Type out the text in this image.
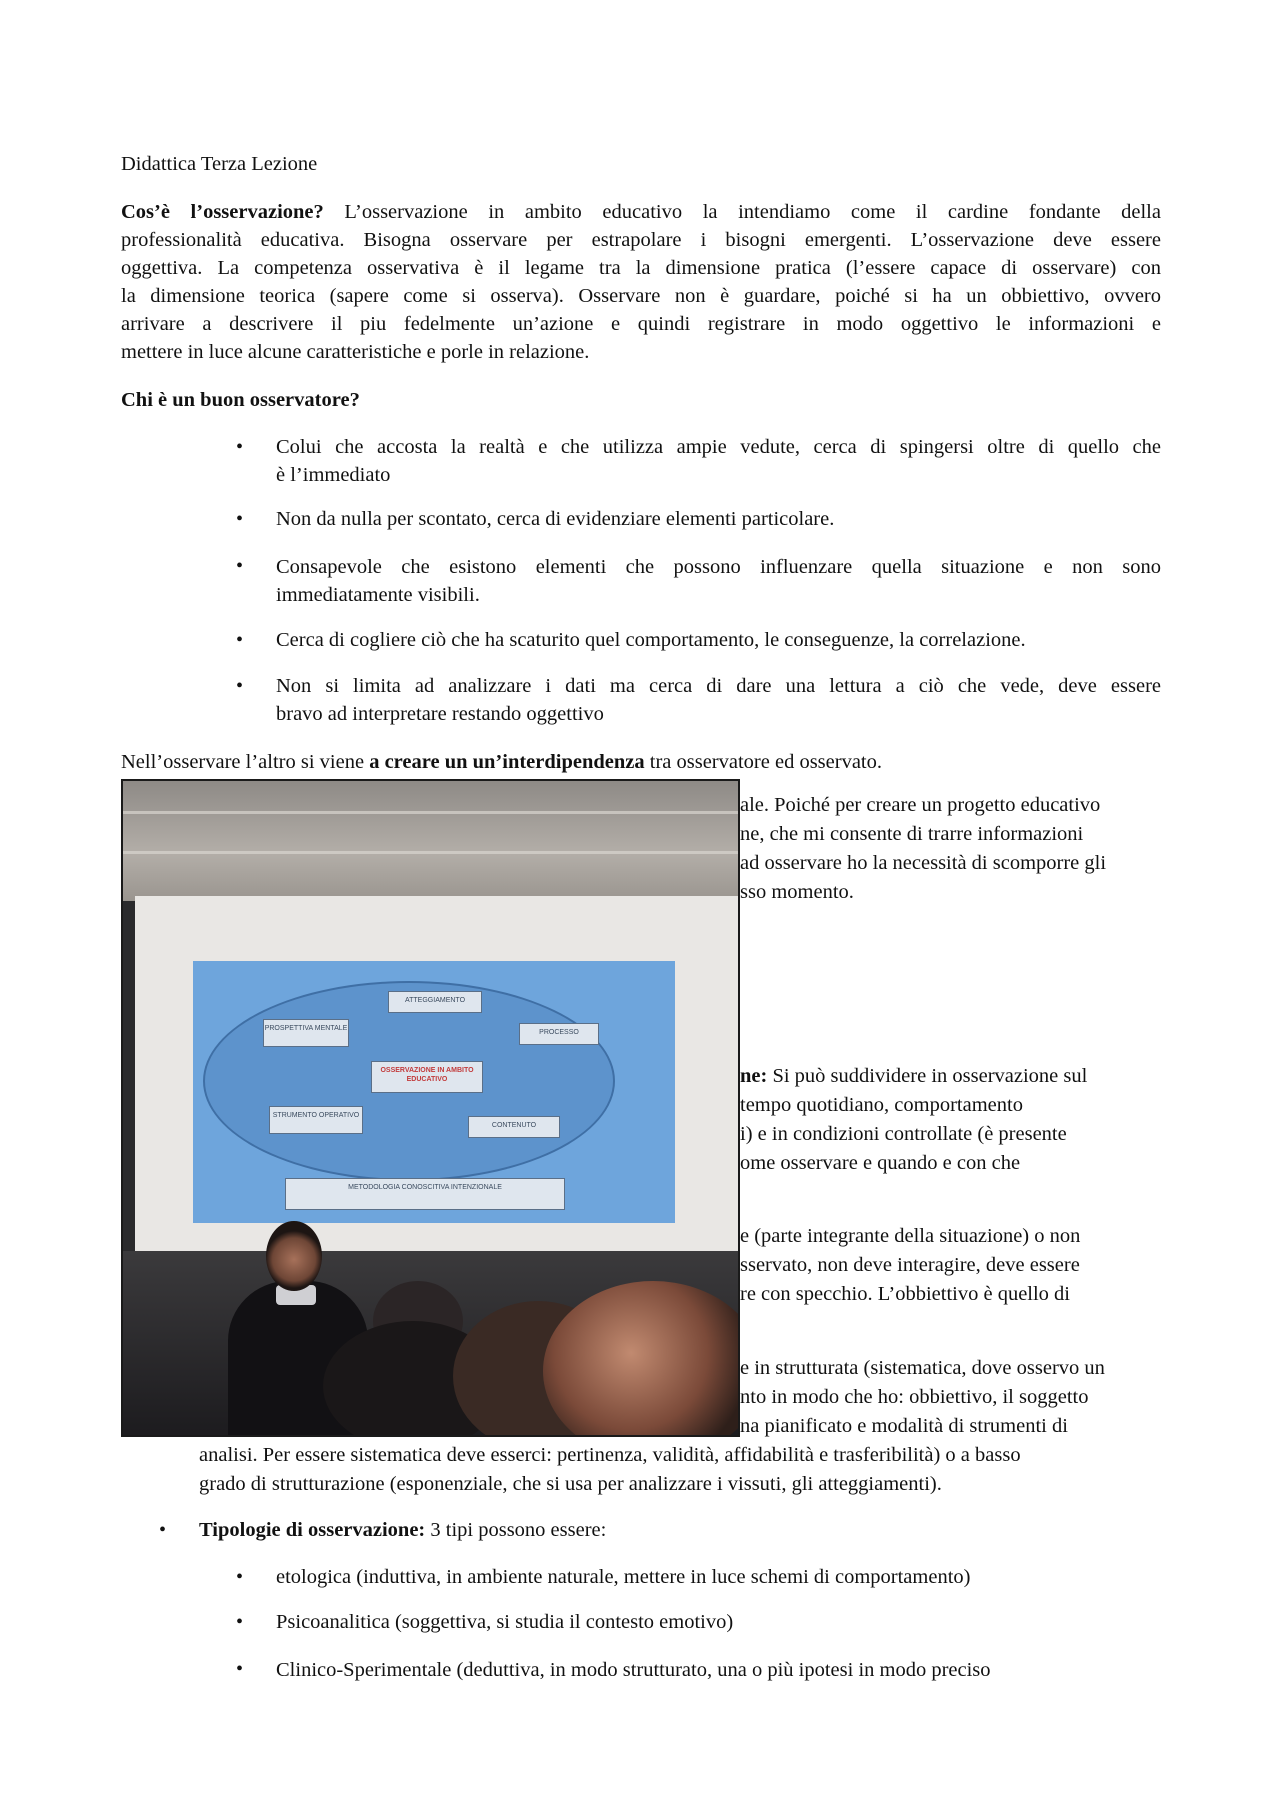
Didattica Terza Lezione
Cos’è l’osservazione? L’osservazione in ambito educativo la intendiamo come il cardine fondante della
professionalità educativa. Bisogna osservare per estrapolare i bisogni emergenti. L’osservazione deve essere
oggettiva. La competenza osservativa è il legame tra la dimensione pratica (l’essere capace di osservare) con
la dimensione teorica (sapere come si osserva). Osservare non è guardare, poiché si ha un obbiettivo, ovvero
arrivare a descrivere il piu fedelmente un’azione e quindi registrare in modo oggettivo le informazioni e
mettere in luce alcune caratteristiche e porle in relazione.
Chi è un buon osservatore?
• Colui che accosta la realtà e che utilizza ampie vedute, cerca di spingersi oltre di quello che
è l’immediato
• Non da nulla per scontato, cerca di evidenziare elementi particolare.
• Consapevole che esistono elementi che possono influenzare quella situazione e non sono
immediatamente visibili.
• Cerca di cogliere ciò che ha scaturito quel comportamento, le conseguenze, la correlazione.
• Non si limita ad analizzare i dati ma cerca di dare una lettura a ciò che vede, deve essere
bravo ad interpretare restando oggettivo
Nell’osservare l’altro si viene a creare un un’interdipendenza tra osservatore ed osservato.
ale. Poiché per creare un progetto educativo
ne, che mi consente di trarre informazioni
ad osservare ho la necessità di scomporre gli
sso momento.
ne: Si può suddividere in osservazione sul
tempo quotidiano, comportamento
i) e in condizioni controllate (è presente
ome osservare e quando e con che
e (parte integrante della situazione) o non
sservato, non deve interagire, deve essere
re con specchio. L’obbiettivo è quello di
e in strutturata (sistematica, dove osservo un
nto in modo che ho: obbiettivo, il soggetto
na pianificato e modalità di strumenti di
analisi. Per essere sistematica deve esserci: pertinenza, validità, affidabilità e trasferibilità) o a basso
grado di strutturazione (esponenziale, che si usa per analizzare i vissuti, gli atteggiamenti).
• Tipologie di osservazione: 3 tipi possono essere:
• etologica (induttiva, in ambiente naturale, mettere in luce schemi di comportamento)
• Psicoanalitica (soggettiva, si studia il contesto emotivo)
• Clinico-Sperimentale (deduttiva, in modo strutturato, una o più ipotesi in modo preciso
ATTEGGIAMENTO
PROSPETTIVA MENTALE
PROCESSO
OSSERVAZIONE IN AMBITO EDUCATIVO
STRUMENTO OPERATIVO
CONTENUTO
METODOLOGIA CONOSCITIVA INTENZIONALE
